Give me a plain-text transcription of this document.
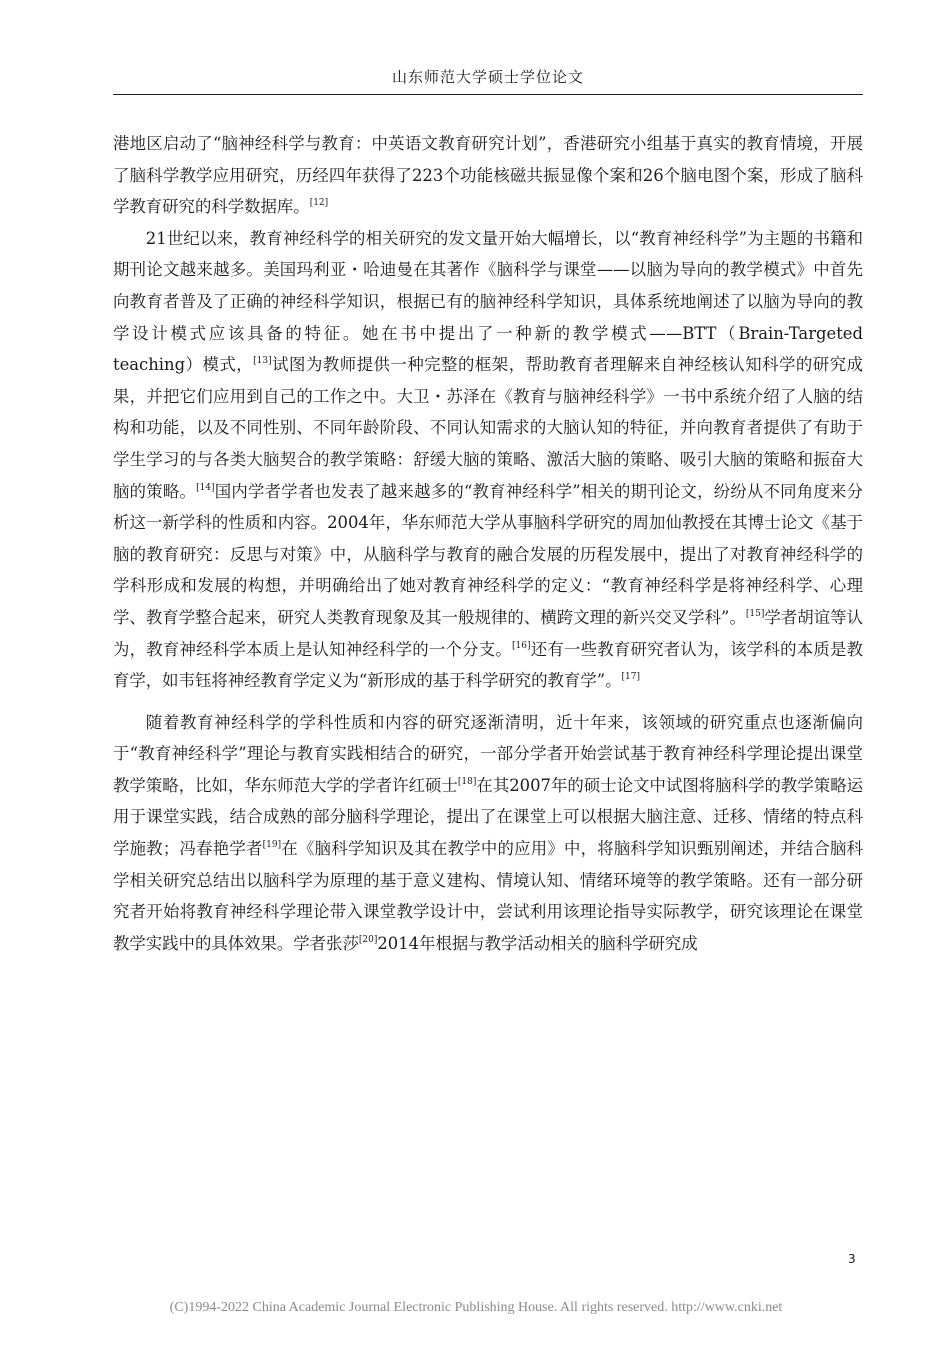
山东师范大学硕士学位论文

港地区启动了“脑神经科学与教育：中英语文教育研究计划”，香港研究小组基于真实的教育情境，开展了脑科学教学应用研究，历经四年获得了223个功能核磁共振显像个案和26个脑电图个案，形成了脑科学教育研究的科学数据库。[12]

21世纪以来，教育神经科学的相关研究的发文量开始大幅增长，以“教育神经科学”为主题的书籍和期刊论文越来越多。美国玛利亚・哈迪曼在其著作《脑科学与课堂——以脑为导向的教学模式》中首先向教育者普及了正确的神经科学知识，根据已有的脑神经科学知识，具体系统地阐述了以脑为导向的教学设计模式应该具备的特征。她在书中提出了一种新的教学模式——BTT（Brain-Targeted teaching）模式，[13]试图为教师提供一种完整的框架，帮助教育者理解来自神经核认知科学的研究成果，并把它们应用到自己的工作之中。大卫・苏泽在《教育与脑神经科学》一书中系统介绍了人脑的结构和功能，以及不同性别、不同年龄阶段、不同认知需求的大脑认知的特征，并向教育者提供了有助于学生学习的与各类大脑契合的教学策略：舒缓大脑的策略、激活大脑的策略、吸引大脑的策略和振奋大脑的策略。[14]国内学者学者也发表了越来越多的“教育神经科学”相关的期刊论文，纷纷从不同角度来分析这一新学科的性质和内容。2004年，华东师范大学从事脑科学研究的周加仙教授在其博士论文《基于脑的教育研究：反思与对策》中，从脑科学与教育的融合发展的历程发展中，提出了对教育神经科学的学科形成和发展的构想，并明确给出了她对教育神经科学的定义：“教育神经科学是将神经科学、心理学、教育学整合起来，研究人类教育现象及其一般规律的、横跨文理的新兴交叉学科”。[15]学者胡谊等认为，教育神经科学本质上是认知神经科学的一个分支。[16]还有一些教育研究者认为，该学科的本质是教育学，如韦钰将神经教育学定义为“新形成的基于科学研究的教育学”。[17]

随着教育神经科学的学科性质和内容的研究逐渐清明，近十年来，该领域的研究重点也逐渐偏向于“教育神经科学”理论与教育实践相结合的研究，一部分学者开始尝试基于教育神经科学理论提出课堂教学策略，比如，华东师范大学的学者许红硕士[18]在其2007年的硕士论文中试图将脑科学的教学策略运用于课堂实践，结合成熟的部分脑科学理论，提出了在课堂上可以根据大脑注意、迁移、情绪的特点科学施教；冯春艳学者[19]在《脑科学知识及其在教学中的应用》中，将脑科学知识甄别阐述，并结合脑科学相关研究总结出以脑科学为原理的基于意义建构、情境认知、情绪环境等的教学策略。还有一部分研究者开始将教育神经科学理论带入课堂教学设计中，尝试利用该理论指导实际教学，研究该理论在课堂教学实践中的具体效果。学者张莎[20]2014年根据与教学活动相关的脑科学研究成

3
(C)1994-2022 China Academic Journal Electronic Publishing House. All rights reserved. http://www.cnki.net
